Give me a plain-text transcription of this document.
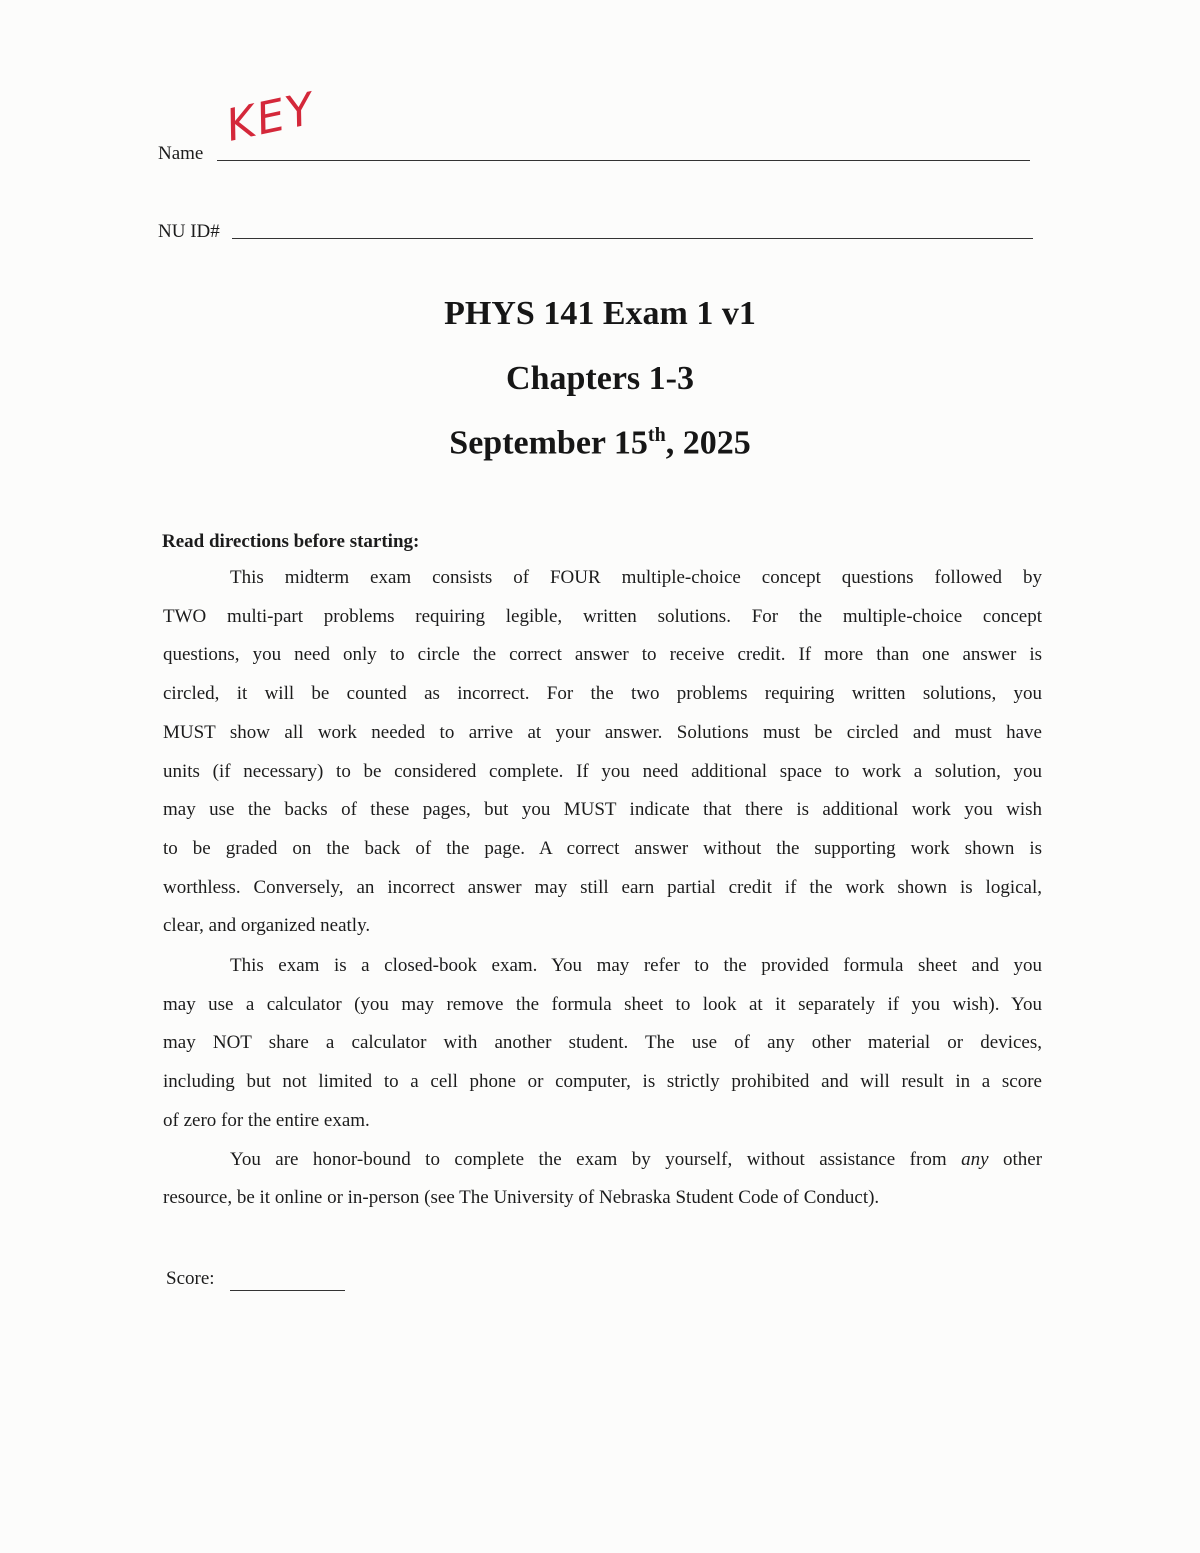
Name
KEY
NU ID#
PHYS 141 Exam 1 v1
Chapters 1-3
September 15th, 2025
Read directions before starting:
This midterm exam consists of FOUR multiple-choice concept questions followed by
TWO multi-part problems requiring legible, written solutions. For the multiple-choice concept
questions, you need only to circle the correct answer to receive credit. If more than one answer is
circled, it will be counted as incorrect. For the two problems requiring written solutions, you
MUST show all work needed to arrive at your answer. Solutions must be circled and must have
units (if necessary) to be considered complete. If you need additional space to work a solution, you
may use the backs of these pages, but you MUST indicate that there is additional work you wish
to be graded on the back of the page. A correct answer without the supporting work shown is
worthless. Conversely, an incorrect answer may still earn partial credit if the work shown is logical,
clear, and organized neatly.
This exam is a closed-book exam. You may refer to the provided formula sheet and you
may use a calculator (you may remove the formula sheet to look at it separately if you wish). You
may NOT share a calculator with another student. The use of any other material or devices,
including but not limited to a cell phone or computer, is strictly prohibited and will result in a score
of zero for the entire exam.
You are honor-bound to complete the exam by yourself, without assistance from any other
resource, be it online or in-person (see The University of Nebraska Student Code of Conduct).
Score:
